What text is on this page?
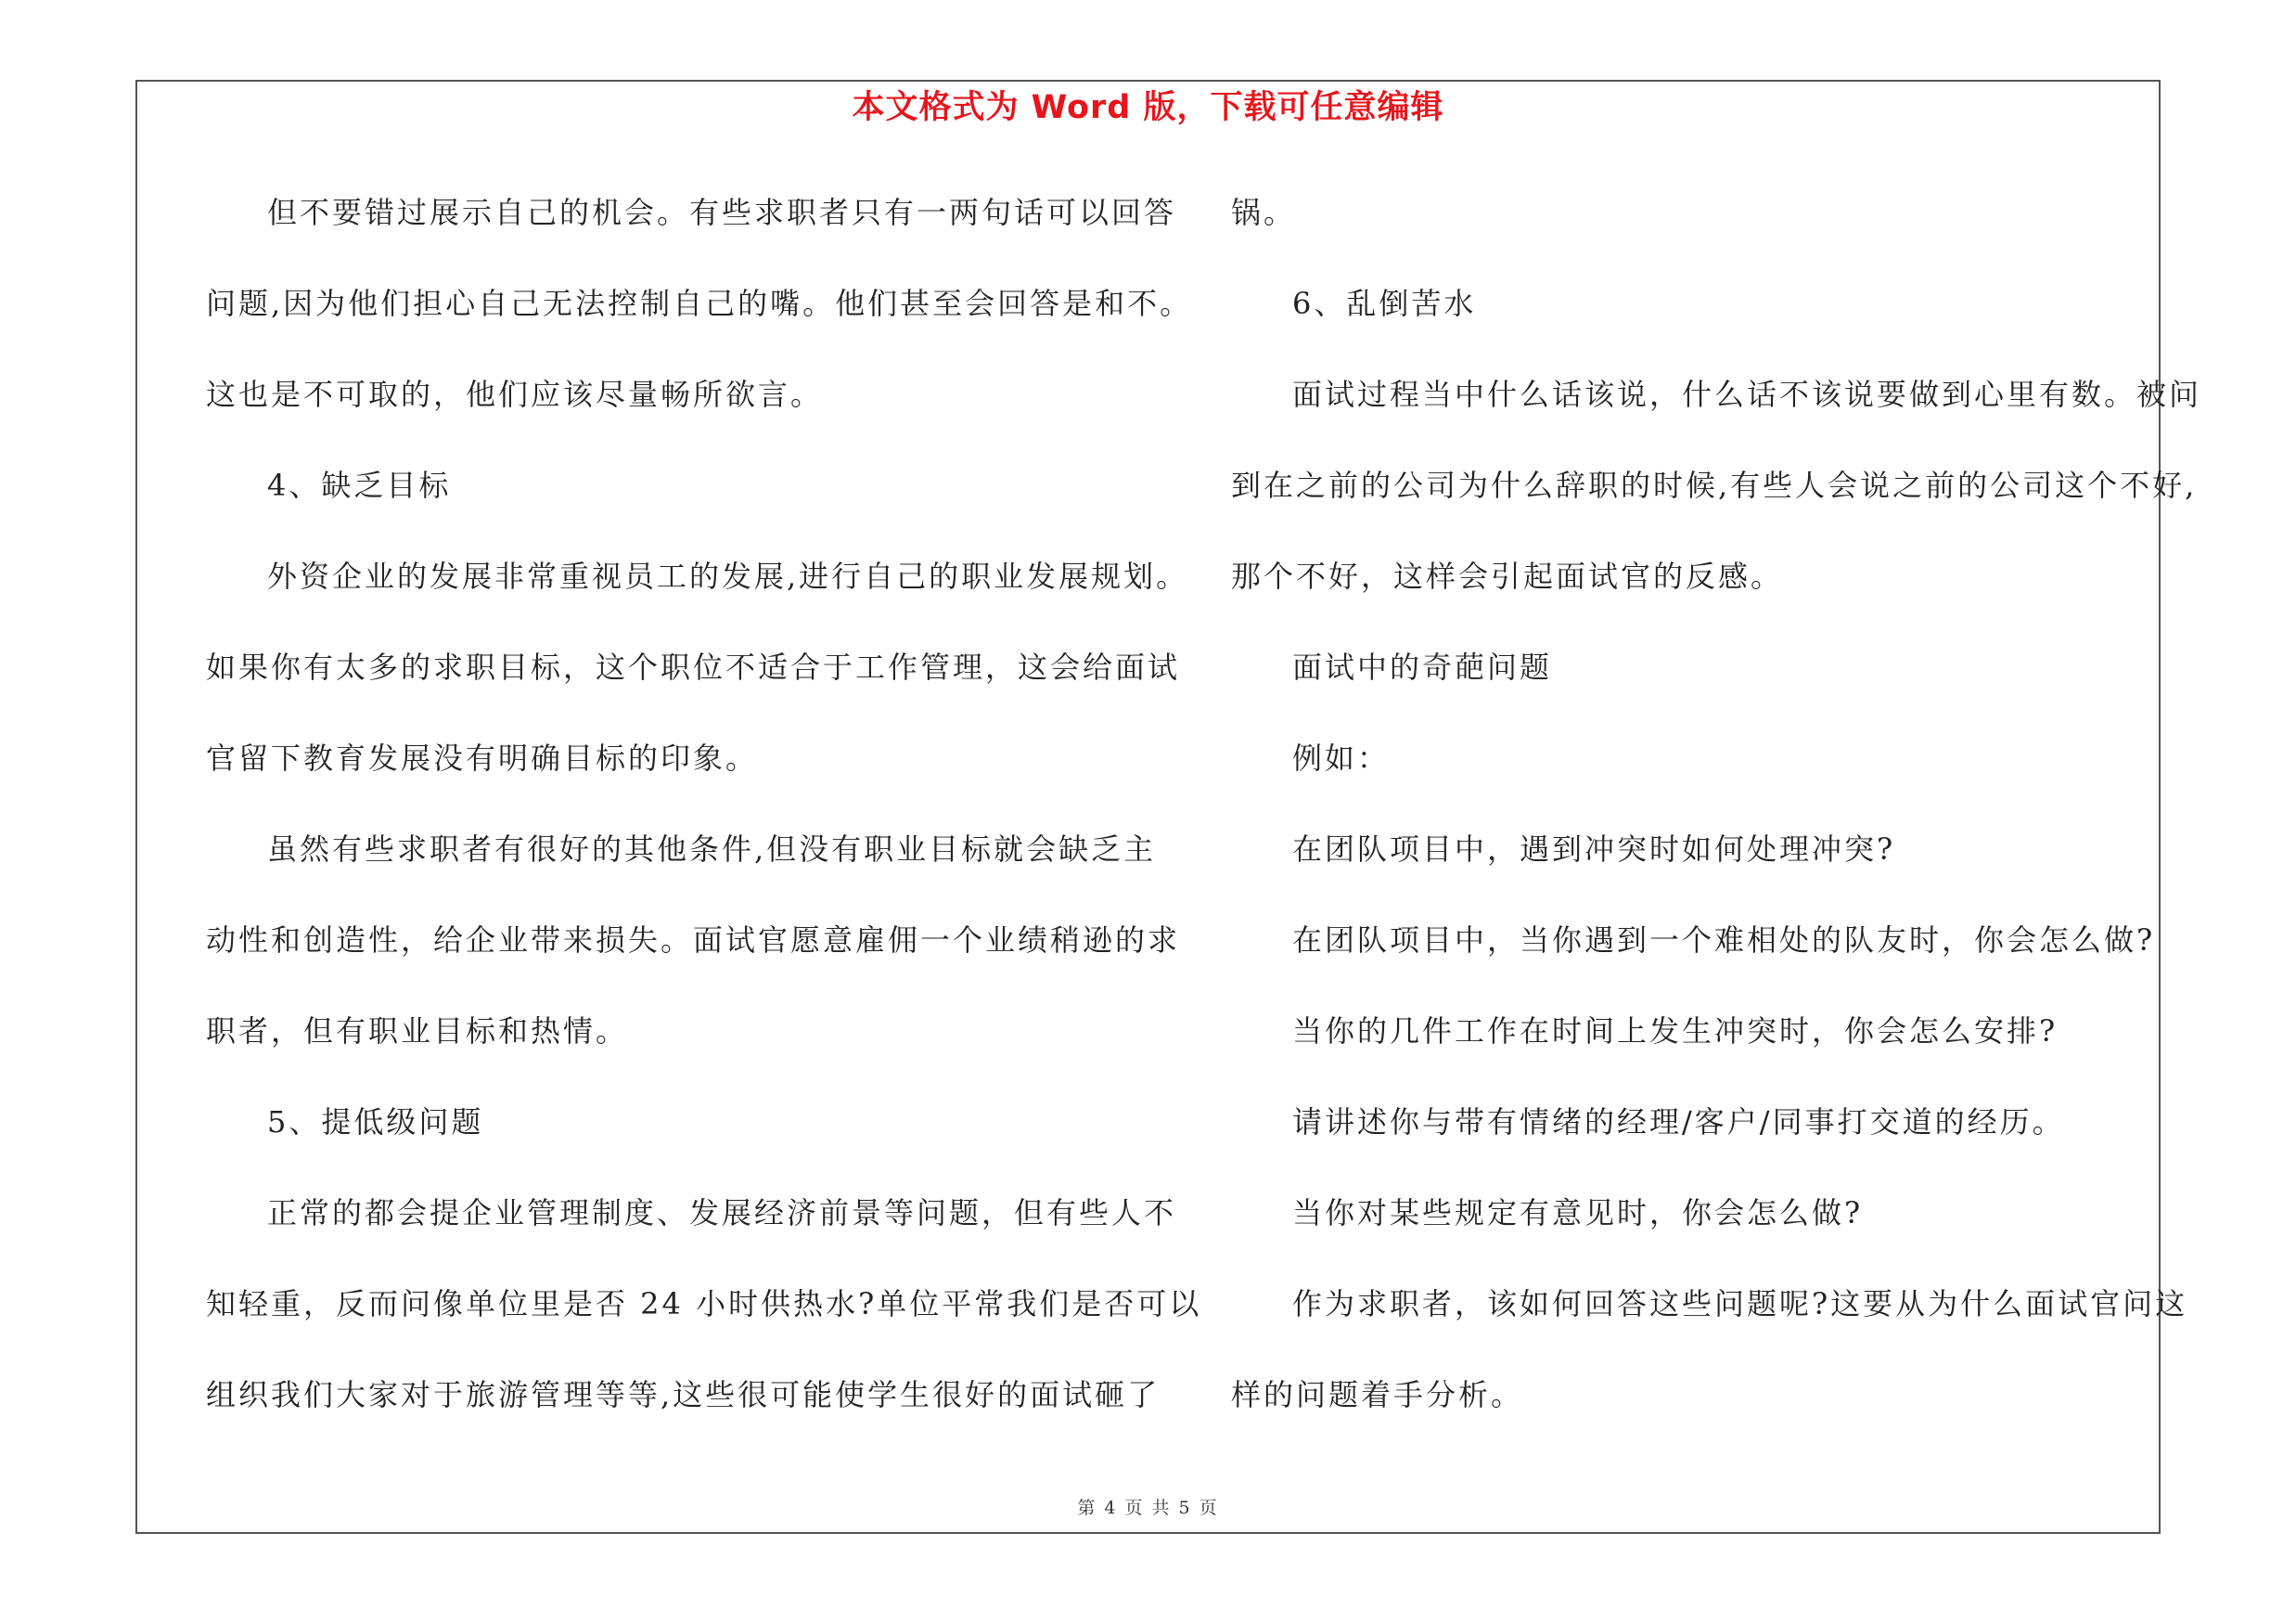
本文格式为 Word 版，下载可任意编辑
但不要错过展示自己的机会。有些求职者只有一两句话可以回答
问题,因为他们担心自己无法控制自己的嘴。他们甚至会回答是和不。
这也是不可取的，他们应该尽量畅所欲言。
4、缺乏目标
外资企业的发展非常重视员工的发展,进行自己的职业发展规划。
如果你有太多的求职目标，这个职位不适合于工作管理，这会给面试
官留下教育发展没有明确目标的印象。
虽然有些求职者有很好的其他条件,但没有职业目标就会缺乏主
动性和创造性，给企业带来损失。面试官愿意雇佣一个业绩稍逊的求
职者，但有职业目标和热情。
5、提低级问题
正常的都会提企业管理制度、发展经济前景等问题，但有些人不
知轻重，反而问像单位里是否 24 小时供热水?单位平常我们是否可以
组织我们大家对于旅游管理等等,这些很可能使学生很好的面试砸了
锅。
6、乱倒苦水
面试过程当中什么话该说，什么话不该说要做到心里有数。被问
到在之前的公司为什么辞职的时候,有些人会说之前的公司这个不好,
那个不好，这样会引起面试官的反感。
面试中的奇葩问题
例如：
在团队项目中，遇到冲突时如何处理冲突?
在团队项目中，当你遇到一个难相处的队友时，你会怎么做?
当你的几件工作在时间上发生冲突时，你会怎么安排?
请讲述你与带有情绪的经理/客户/同事打交道的经历。
当你对某些规定有意见时，你会怎么做?
作为求职者，该如何回答这些问题呢?这要从为什么面试官问这
样的问题着手分析。
第 4 页 共 5 页
